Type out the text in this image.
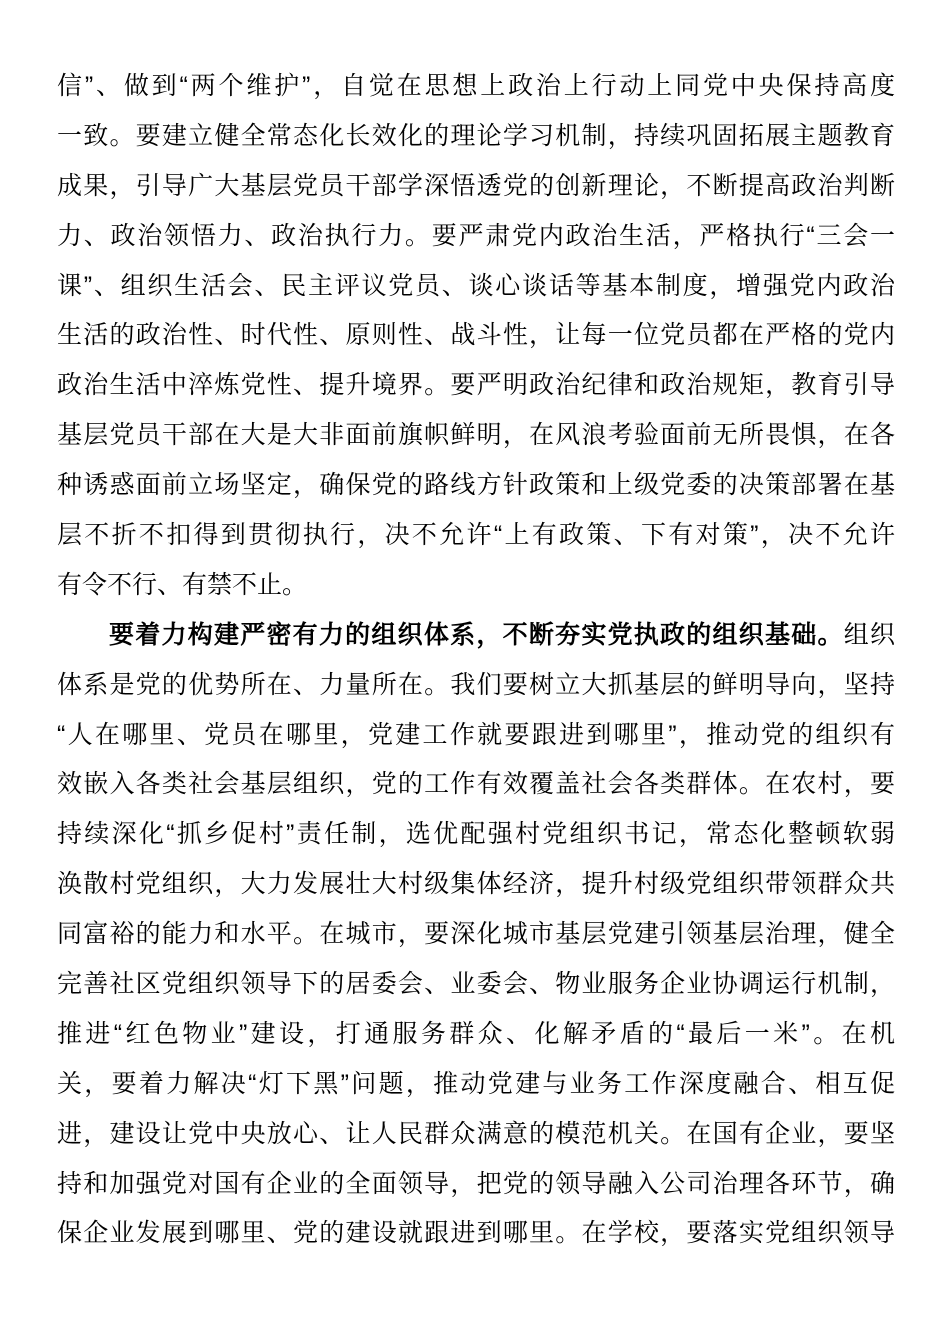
信”、做到“两个维护”，自觉在思想上政治上行动上同党中央保持高度
一致。要建立健全常态化长效化的理论学习机制，持续巩固拓展主题教育
成果，引导广大基层党员干部学深悟透党的创新理论，不断提高政治判断
力、政治领悟力、政治执行力。要严肃党内政治生活，严格执行“三会一
课”、组织生活会、民主评议党员、谈心谈话等基本制度，增强党内政治
生活的政治性、时代性、原则性、战斗性，让每一位党员都在严格的党内
政治生活中淬炼党性、提升境界。要严明政治纪律和政治规矩，教育引导
基层党员干部在大是大非面前旗帜鲜明，在风浪考验面前无所畏惧，在各
种诱惑面前立场坚定，确保党的路线方针政策和上级党委的决策部署在基
层不折不扣得到贯彻执行，决不允许“上有政策、下有对策”，决不允许
有令不行、有禁不止。
要着力构建严密有力的组织体系，不断夯实党执政的组织基础。组织
体系是党的优势所在、力量所在。我们要树立大抓基层的鲜明导向，坚持
“人在哪里、党员在哪里，党建工作就要跟进到哪里”，推动党的组织有
效嵌入各类社会基层组织，党的工作有效覆盖社会各类群体。在农村，要
持续深化“抓乡促村”责任制，选优配强村党组织书记，常态化整顿软弱
涣散村党组织，大力发展壮大村级集体经济，提升村级党组织带领群众共
同富裕的能力和水平。在城市，要深化城市基层党建引领基层治理，健全
完善社区党组织领导下的居委会、业委会、物业服务企业协调运行机制，
推进“红色物业”建设，打通服务群众、化解矛盾的“最后一米”。在机
关，要着力解决“灯下黑”问题，推动党建与业务工作深度融合、相互促
进，建设让党中央放心、让人民群众满意的模范机关。在国有企业，要坚
持和加强党对国有企业的全面领导，把党的领导融入公司治理各环节，确
保企业发展到哪里、党的建设就跟进到哪里。在学校，要落实党组织领导
